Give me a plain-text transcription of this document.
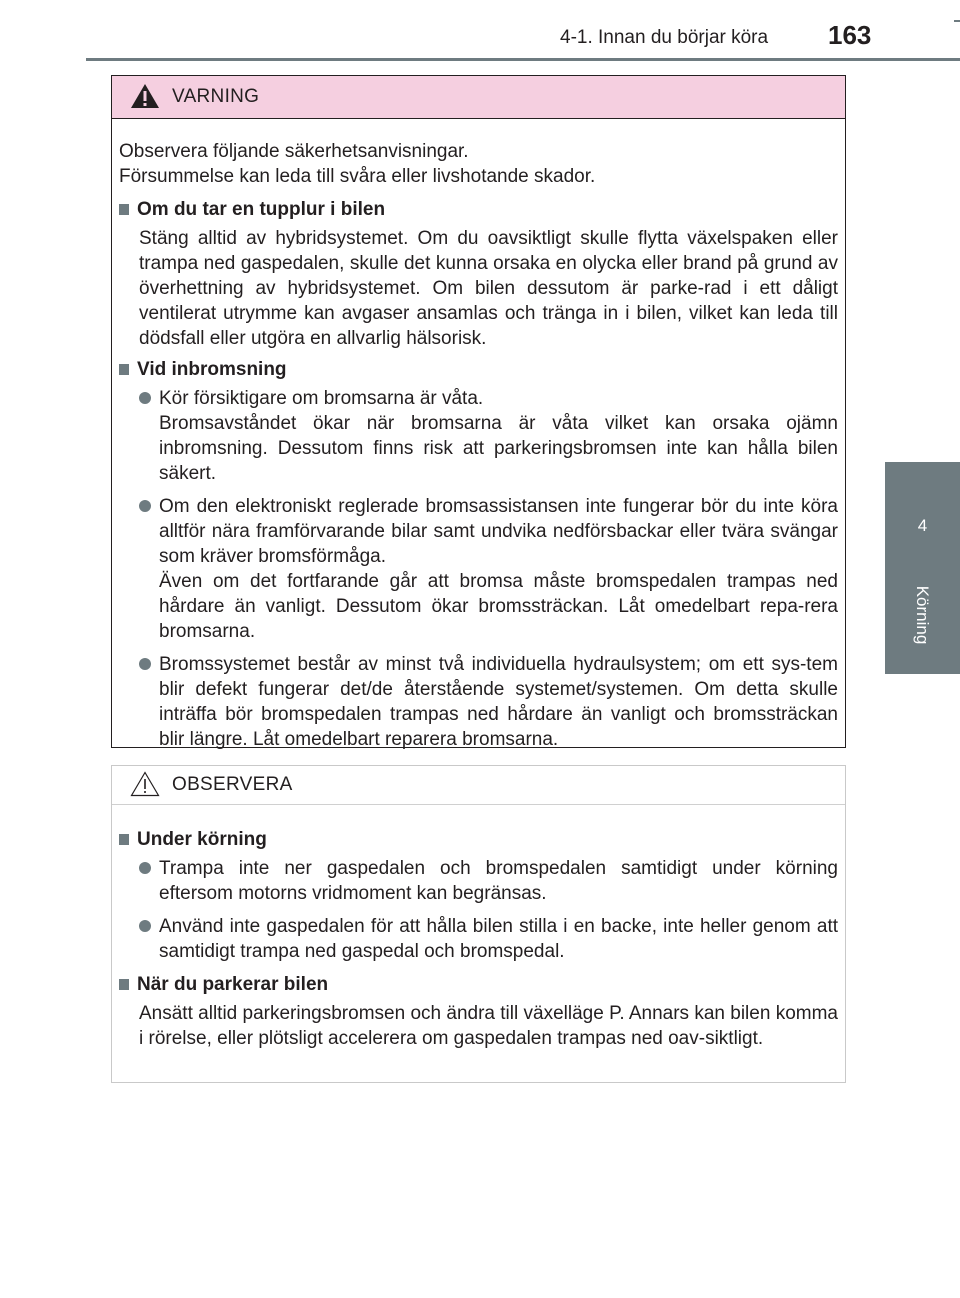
4-1. Innan du börjar köra	163
4
Körning
VARNING
Observera följande säkerhetsanvisningar.
Försummelse kan leda till svåra eller livshotande skador.
Om du tar en tupplur i bilen
Stäng alltid av hybridsystemet. Om du oavsiktligt skulle flytta växelspaken eller trampa ned gaspedalen, skulle det kunna orsaka en olycka eller brand på grund av överhettning av hybridsystemet. Om bilen dessutom är parke-rad i ett dåligt ventilerat utrymme kan avgaser ansamlas och tränga in i bilen, vilket kan leda till dödsfall eller utgöra en allvarlig hälsorisk.
Vid inbromsning
Kör försiktigare om bromsarna är våta.
Bromsavståndet ökar när bromsarna är våta vilket kan orsaka ojämn inbromsning. Dessutom finns risk att parkeringsbromsen inte kan hålla bilen säkert.
Om den elektroniskt reglerade bromsassistansen inte fungerar bör du inte köra alltför nära framförvarande bilar samt undvika nedförsbackar eller tvära svängar som kräver bromsförmåga.
Även om det fortfarande går att bromsa måste bromspedalen trampas ned hårdare än vanligt. Dessutom ökar bromssträckan. Låt omedelbart repa-rera bromsarna.
Bromssystemet består av minst två individuella hydraulsystem; om ett sys-tem blir defekt fungerar det/de återstående systemet/systemen. Om detta skulle inträffa bör bromspedalen trampas ned hårdare än vanligt och bromssträckan blir längre. Låt omedelbart reparera bromsarna.
OBSERVERA
Under körning
Trampa inte ner gaspedalen och bromspedalen samtidigt under körning eftersom motorns vridmoment kan begränsas.
Använd inte gaspedalen för att hålla bilen stilla i en backe, inte heller genom att samtidigt trampa ned gaspedal och bromspedal.
När du parkerar bilen
Ansätt alltid parkeringsbromsen och ändra till växelläge P. Annars kan bilen komma i rörelse, eller plötsligt accelerera om gaspedalen trampas ned oav-siktligt.
